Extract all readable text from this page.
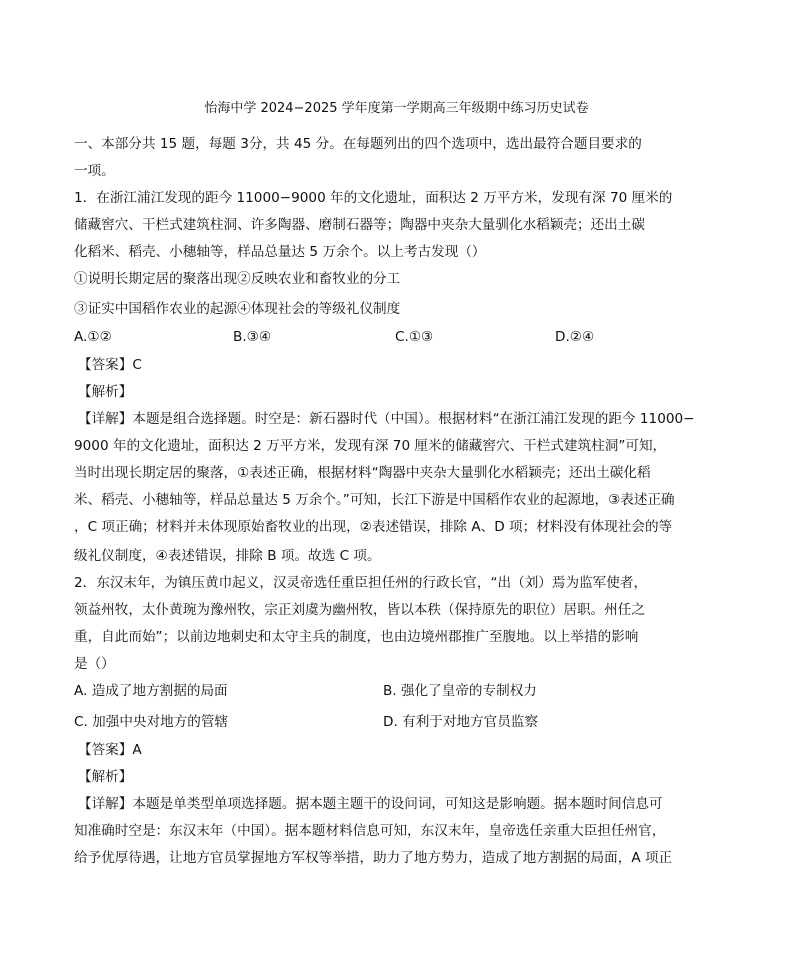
怡海中学 2024−2025 学年度第一学期高三年级期中练习历史试卷
一、本部分共 15 题，每题 3分，共 45 分。在每题列出的四个选项中，选出最符合题目要求的
一项。
1．在浙江浦江发现的距今 11000−9000 年的文化遗址，面积达 2 万平方米，发现有深 70 厘米的
储藏窖穴、干栏式建筑柱洞、许多陶器、磨制石器等；陶器中夹杂大量驯化水稻颖壳；还出土碳
化稻米、稻壳、小穗轴等，样品总量达 5 万余个。以上考古发现（）
①说明长期定居的聚落出现②反映农业和畜牧业的分工
③证实中国稻作农业的起源④体现社会的等级礼仪制度
A.①②	B.③④	C.①③	D.②④
【答案】C
【解析】
【详解】本题是组合选择题。时空是：新石器时代（中国）。根据材料“在浙江浦江发现的距今 11000−
9000 年的文化遗址，面积达 2 万平方米，发现有深 70 厘米的储藏窖穴、干栏式建筑柱洞”可知，
当时出现长期定居的聚落，①表述正确，根据材料“陶器中夹杂大量驯化水稻颖壳；还出土碳化稻
米、稻壳、小穗轴等，样品总量达 5 万余个。”可知，长江下游是中国稻作农业的起源地，③表述正确
，C 项正确；材料并未体现原始畜牧业的出现，②表述错误，排除 A、D 项；材料没有体现社会的等
级礼仪制度，④表述错误，排除 B 项。故选 C 项。
2．东汉末年，为镇压黄巾起义，汉灵帝选任重臣担任州的行政长官，“出（刘）焉为监军使者，
领益州牧，太仆黄琬为豫州牧，宗正刘虞为幽州牧，皆以本秩（保持原先的职位）居职。州任之
重，自此而始”；以前边地刺史和太守主兵的制度，也由边境州郡推广至腹地。以上举措的影响
是（）
A. 造成了地方割据的局面	B. 强化了皇帝的专制权力
C. 加强中央对地方的管辖	D. 有利于对地方官员监察
【答案】A
【解析】
【详解】本题是单类型单项选择题。据本题主题干的设问词，可知这是影响题。据本题时间信息可
知准确时空是：东汉末年（中国）。据本题材料信息可知，东汉末年，皇帝选任亲重大臣担任州官，
给予优厚待遇，让地方官员掌握地方军权等举措，助力了地方势力，造成了地方割据的局面，A 项正
